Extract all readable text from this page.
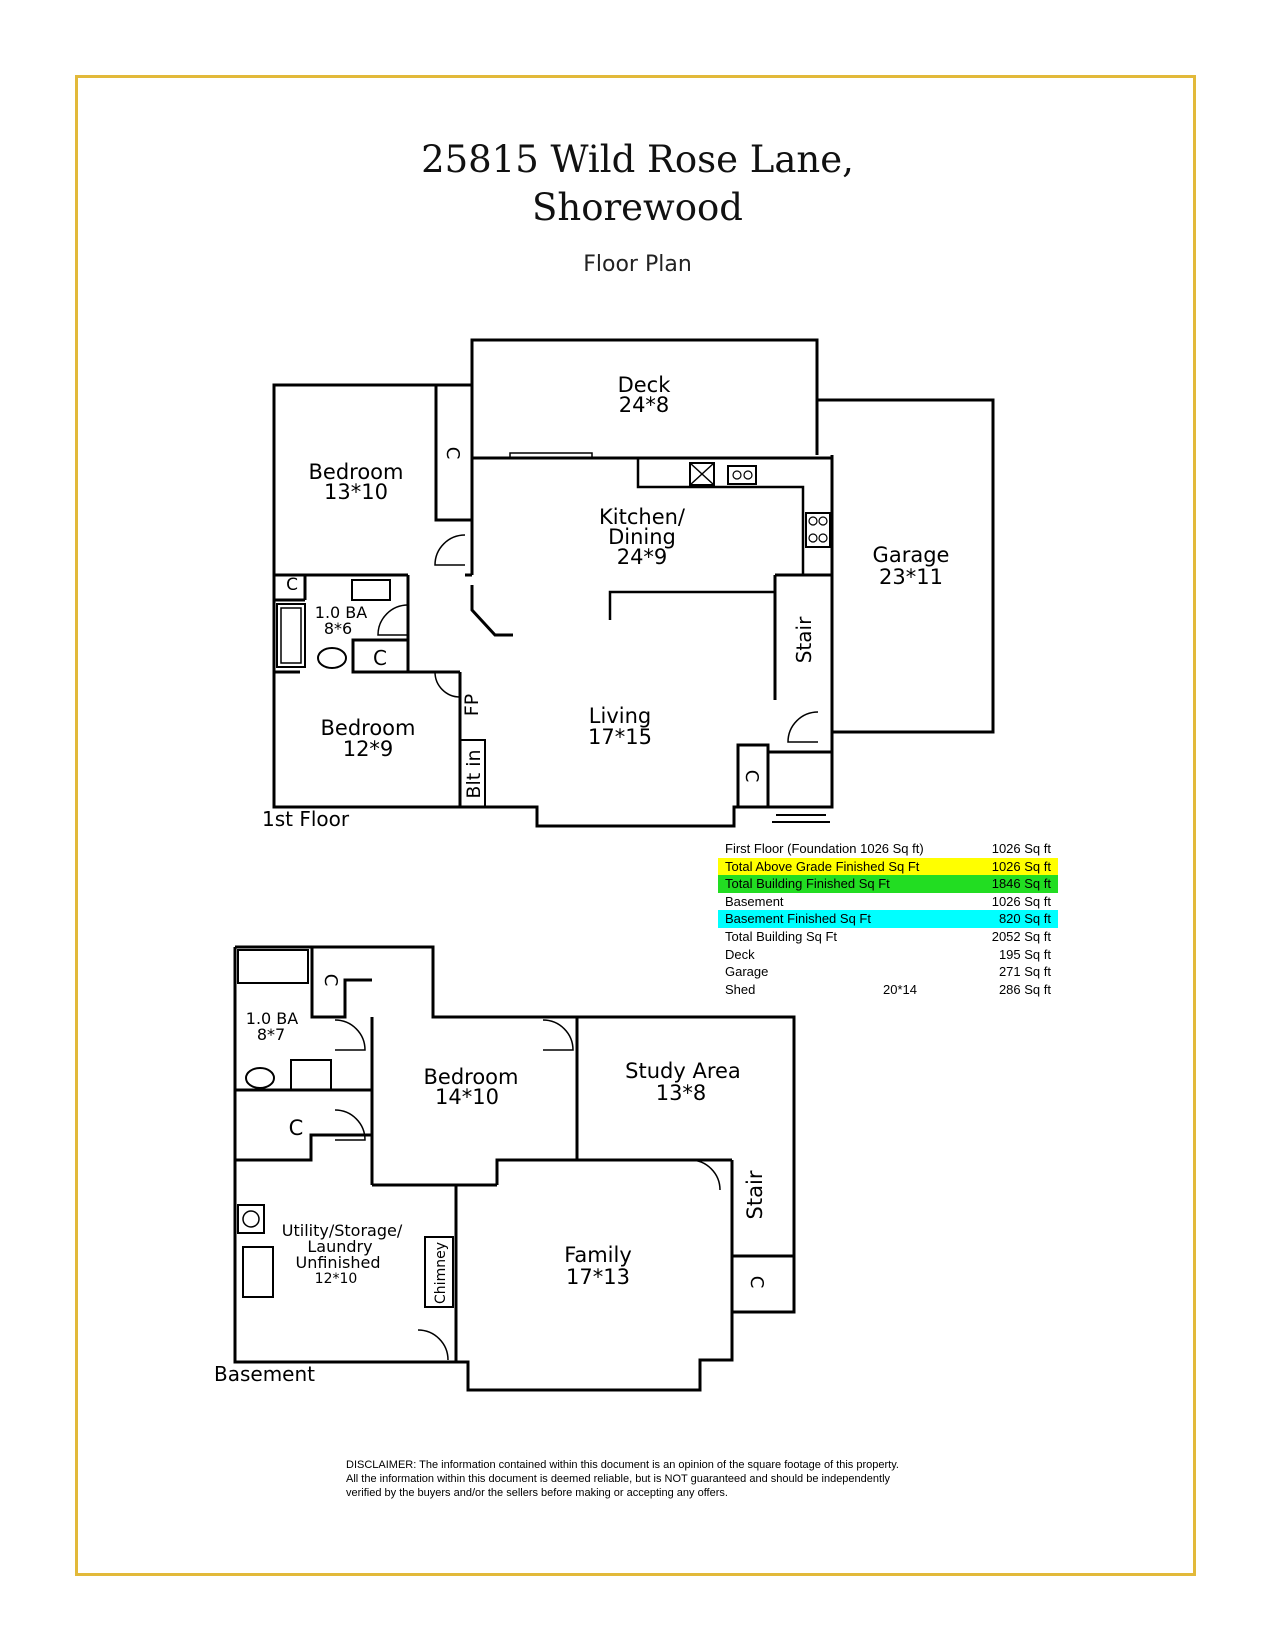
25815 Wild Rose Lane,
Shorewood
Floor Plan
Deck
24*8
Bedroom
13*10
Kitchen/
Dining
24*9	Garage
23*11
Bedroom
12*9
Living
17*15
1.0 BA
8*6
C
C
C
C
Stair
FP
Blt in
1st Floor
Bedroom
14*10
Study Area
13*8
Family
17*13
C
Stair
C
C
1.0 BA
8*7
Utility/Storage/
Laundry
Unfinished
12*10	Chimney
Basement
First Floor (Foundation 1026 Sq ft)	1026 Sq ft
Total Above Grade Finished Sq Ft	1026 Sq ft
Total Building Finished Sq Ft	1846 Sq ft
Basement	1026 Sq ft
Basement Finished Sq Ft	820 Sq ft
Total Building Sq Ft	2052 Sq ft
Deck	195 Sq ft
Garage	271 Sq ft
Shed	20*14	286 Sq ft
DISCLAIMER: The information contained within this document is an opinion of the square footage of this property.
All the information within this document is deemed reliable, but is NOT guaranteed and should be independently
verified by the buyers and/or the sellers before making or accepting any offers.
